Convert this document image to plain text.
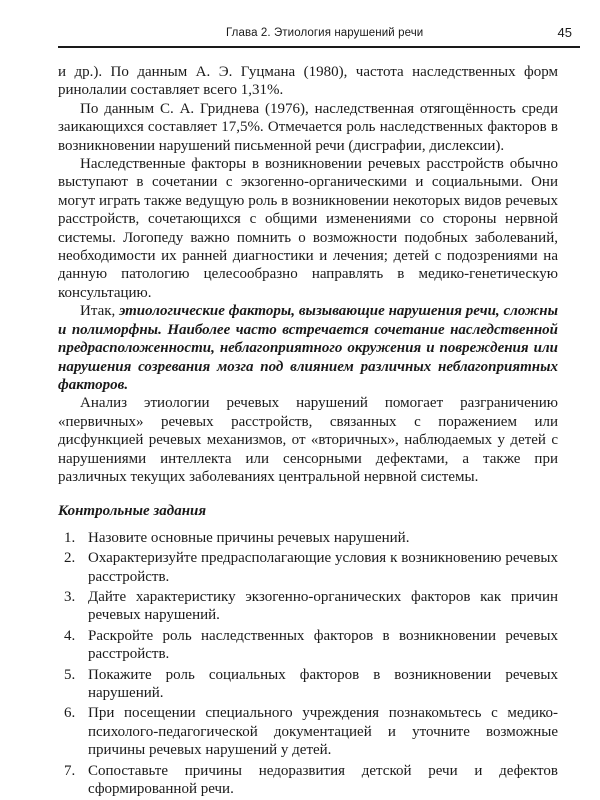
Глава 2. Этиология нарушений речи	45

и др.). По данным А. Э. Гуцмана (1980), частота наследственных форм ринолалии составляет всего 1,31%.

По данным С. А. Гриднева (1976), наследственная отягощённость среди заикающихся составляет 17,5%. Отмечается роль наследственных факторов в возникновении нарушений письменной речи (дисграфии, дислексии).

Наследственные факторы в возникновении речевых расстройств обычно выступают в сочетании с экзогенно-органическими и социальными. Они могут играть также ведущую роль в возникновении некоторых видов речевых расстройств, сочетающихся с общими изменениями со стороны нервной системы. Логопеду важно помнить о возможности подобных заболеваний, необходимости их ранней диагностики и лечения; детей с подозрениями на данную патологию целесообразно направлять в медико-генетическую консультацию.

Итак, этиологические факторы, вызывающие нарушения речи, сложны и полиморфны. Наиболее часто встречается сочетание наследственной предрасположенности, неблагоприятного окружения и повреждения или нарушения созревания мозга под влиянием различных неблагоприятных факторов.

Анализ этиологии речевых нарушений помогает разграничению «первичных» речевых расстройств, связанных с поражением или дисфункцией речевых механизмов, от «вторичных», наблюдаемых у детей с нарушениями интеллекта или сенсорными дефектами, а также при различных текущих заболеваниях центральной нервной системы.

Контрольные задания

1. Назовите основные причины речевых нарушений.
2. Охарактеризуйте предрасполагающие условия к возникновению речевых расстройств.
3. Дайте характеристику экзогенно-органических факторов как причин речевых нарушений.
4. Раскройте роль наследственных факторов в возникновении речевых расстройств.
5. Покажите роль социальных факторов в возникновении речевых нарушений.
6. При посещении специального учреждения познакомьтесь с медико-психолого-педагогической документацией и уточните возможные причины речевых нарушений у детей.
7. Сопоставьте причины недоразвития детской речи и дефектов сформированной речи.
